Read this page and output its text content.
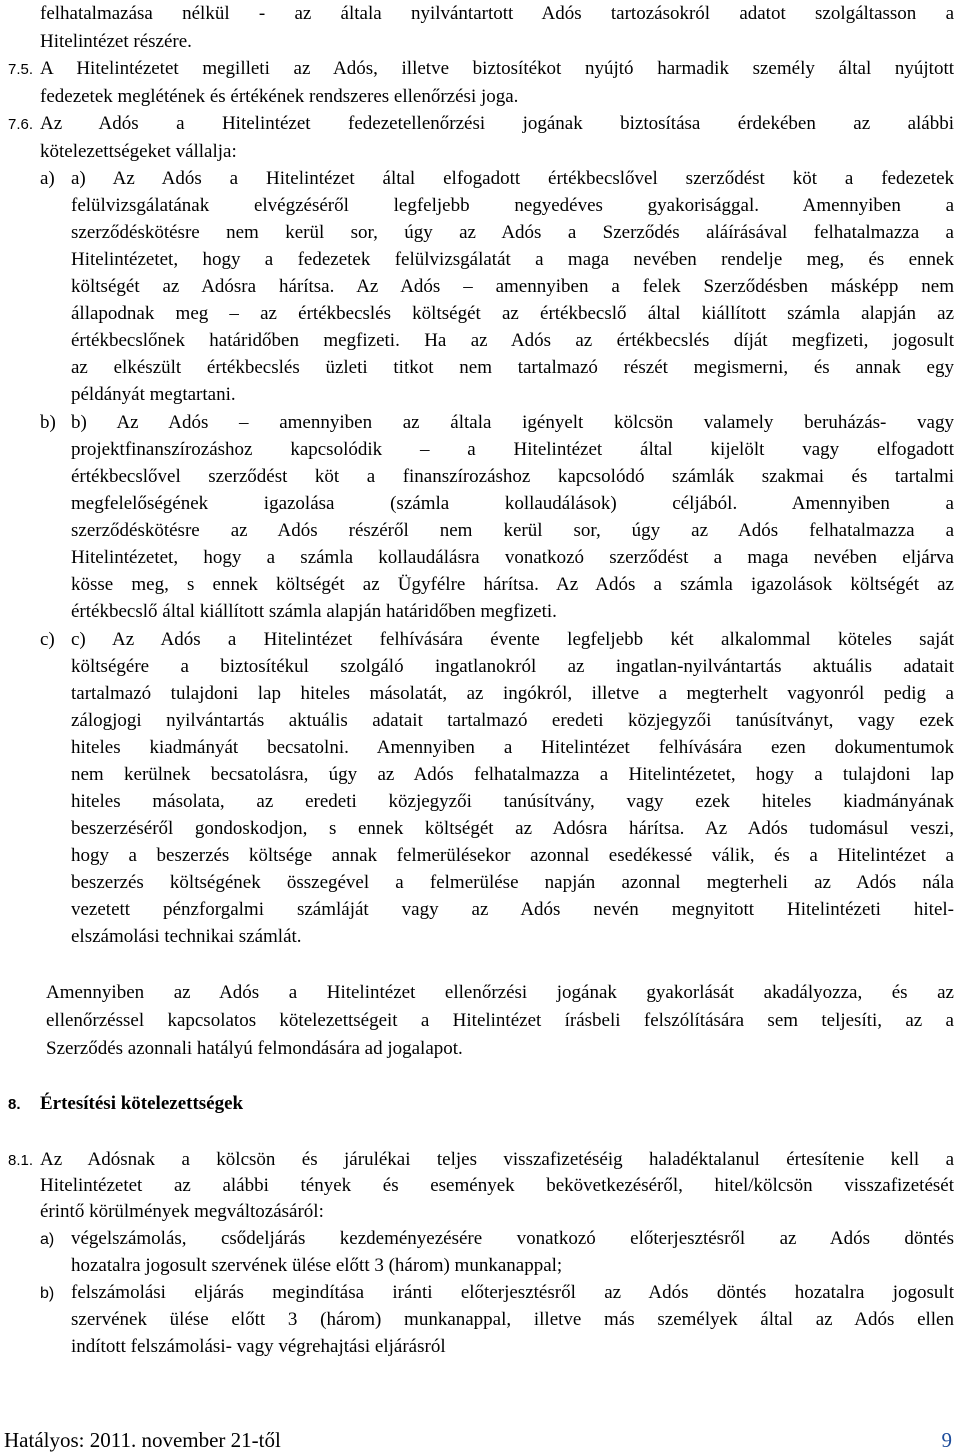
felhatalmazása nélkül - az általa nyilvántartott Adós tartozásokról adatot szolgáltasson a
Hitelintézet részére.
7.5. A Hitelintézetet megilleti az Adós, illetve biztosítékot nyújtó harmadik személy által nyújtott
fedezetek meglétének és értékének rendszeres ellenőrzési joga.
7.6. Az Adós a Hitelintézet fedezetellenőrzési jogának biztosítása érdekében az alábbi
kötelezettségeket vállalja:
a) a) Az Adós a Hitelintézet által elfogadott értékbecslővel szerződést köt a fedezetek
felülvizsgálatának elvégzéséről legfeljebb negyedéves gyakorisággal. Amennyiben a
szerződéskötésre nem kerül sor, úgy az Adós a Szerződés aláírásával felhatalmazza a
Hitelintézetet, hogy a fedezetek felülvizsgálatát a maga nevében rendelje meg, és ennek
költségét az Adósra hárítsa. Az Adós – amennyiben a felek Szerződésben másképp nem
állapodnak meg – az értékbecslés költségét az értékbecslő által kiállított számla alapján az
értékbecslőnek határidőben megfizeti. Ha az Adós az értékbecslés díját megfizeti, jogosult
az elkészült értékbecslés üzleti titkot nem tartalmazó részét megismerni, és annak egy
példányát megtartani.
b) b) Az Adós – amennyiben az általa igényelt kölcsön valamely beruházás- vagy
projektfinanszírozáshoz kapcsolódik – a Hitelintézet által kijelölt vagy elfogadott
értékbecslővel szerződést köt a finanszírozáshoz kapcsolódó számlák szakmai és tartalmi
megfelelőségének igazolása (számla kollaudálások) céljából. Amennyiben a
szerződéskötésre az Adós részéről nem kerül sor, úgy az Adós felhatalmazza a
Hitelintézetet, hogy a számla kollaudálásra vonatkozó szerződést a maga nevében eljárva
kösse meg, s ennek költségét az Ügyfélre hárítsa. Az Adós a számla igazolások költségét az
értékbecslő által kiállított számla alapján határidőben megfizeti.
c) c) Az Adós a Hitelintézet felhívására évente legfeljebb két alkalommal köteles saját
költségére a biztosítékul szolgáló ingatlanokról az ingatlan-nyilvántartás aktuális adatait
tartalmazó tulajdoni lap hiteles másolatát, az ingókról, illetve a megterhelt vagyonról pedig a
zálogjogi nyilvántartás aktuális adatait tartalmazó eredeti közjegyzői tanúsítványt, vagy ezek
hiteles kiadmányát becsatolni. Amennyiben a Hitelintézet felhívására ezen dokumentumok
nem kerülnek becsatolásra, úgy az Adós felhatalmazza a Hitelintézetet, hogy a tulajdoni lap
hiteles másolata, az eredeti közjegyzői tanúsítvány, vagy ezek hiteles kiadmányának
beszerzéséről gondoskodjon, s ennek költségét az Adósra hárítsa. Az Adós tudomásul veszi,
hogy a beszerzés költsége annak felmerülésekor azonnal esedékessé válik, és a Hitelintézet a
beszerzés költségének összegével a felmerülése napján azonnal megterheli az Adós nála
vezetett pénzforgalmi számláját vagy az Adós nevén megnyitott Hitelintézeti hitel-
elszámolási technikai számlát.
Amennyiben az Adós a Hitelintézet ellenőrzési jogának gyakorlását akadályozza, és az
ellenőrzéssel kapcsolatos kötelezettségeit a Hitelintézet írásbeli felszólítására sem teljesíti, az a
Szerződés azonnali hatályú felmondására ad jogalapot.
8. Értesítési kötelezettségek
8.1. Az Adósnak a kölcsön és járulékai teljes visszafizetéséig haladéktalanul értesítenie kell a
Hitelintézetet az alábbi tények és események bekövetkezéséről, hitel/kölcsön visszafizetését
érintő körülmények megváltozásáról:
a) végelszámolás, csődeljárás kezdeményezésére vonatkozó előterjesztésről az Adós döntés
hozatalra jogosult szervének ülése előtt 3 (három) munkanappal;
b) felszámolási eljárás megindítása iránti előterjesztésről az Adós döntés hozatalra jogosult
szervének ülése előtt 3 (három) munkanappal, illetve más személyek által az Adós ellen
indított felszámolási- vagy végrehajtási eljárásról
Hatályos: 2011. november 21-től	9
